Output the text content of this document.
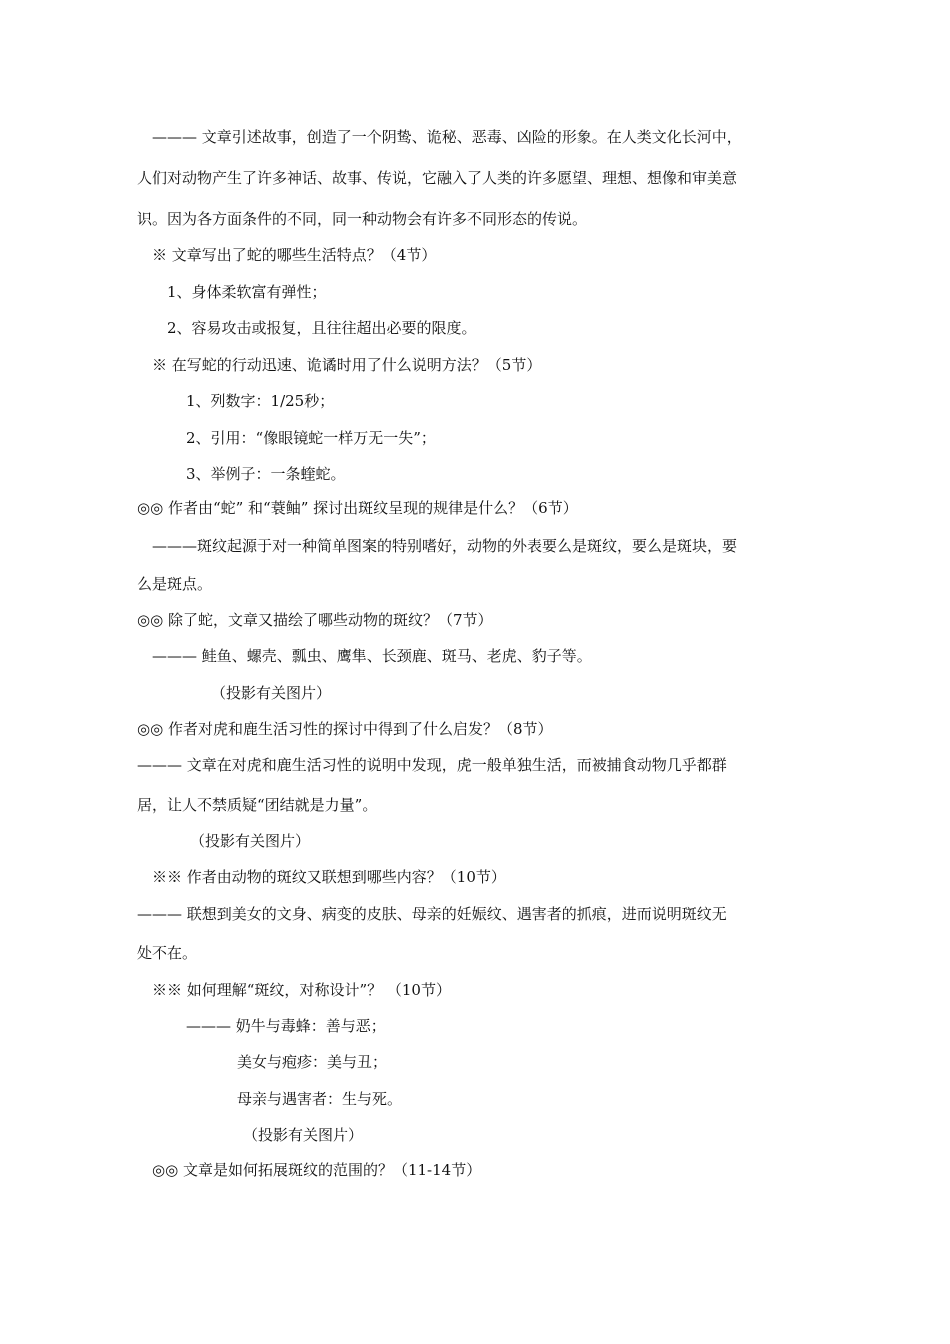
——— 文章引述故事，创造了一个阴鸷、诡秘、恶毒、凶险的形象。在人类文化长河中，
人们对动物产生了许多神话、故事、传说，它融入了人类的许多愿望、理想、想像和审美意
识。因为各方面条件的不同，同一种动物会有许多不同形态的传说。
※ 文章写出了蛇的哪些生活特点？（4节）
1、身体柔软富有弹性；
2、容易攻击或报复，且往往超出必要的限度。
※ 在写蛇的行动迅速、诡谲时用了什么说明方法？（5节）
1、列数字：1/25秒；
2、引用：“像眼镜蛇一样万无一失”；
3、举例子：一条蝰蛇。
◎◎ 作者由“蛇” 和“蓑鲉” 探讨出斑纹呈现的规律是什么？（6节）
———斑纹起源于对一种简单图案的特别嗜好，动物的外表要么是斑纹，要么是斑块，要
么是斑点。
◎◎ 除了蛇，文章又描绘了哪些动物的斑纹？（7节）
——— 鲑鱼、螺壳、瓢虫、鹰隼、长颈鹿、斑马、老虎、豹子等。
（投影有关图片）
◎◎ 作者对虎和鹿生活习性的探讨中得到了什么启发？（8节）
——— 文章在对虎和鹿生活习性的说明中发现，虎一般单独生活，而被捕食动物几乎都群
居，让人不禁质疑“团结就是力量”。
（投影有关图片）
※※ 作者由动物的斑纹又联想到哪些内容？（10节）
——— 联想到美女的文身、病变的皮肤、母亲的妊娠纹、遇害者的抓痕，进而说明斑纹无
处不在。
※※ 如何理解“斑纹，对称设计”？ （10节）
——— 奶牛与毒蜂：善与恶；
美女与疱疹：美与丑；
母亲与遇害者：生与死。
（投影有关图片）
◎◎ 文章是如何拓展斑纹的范围的？（11-14节）
